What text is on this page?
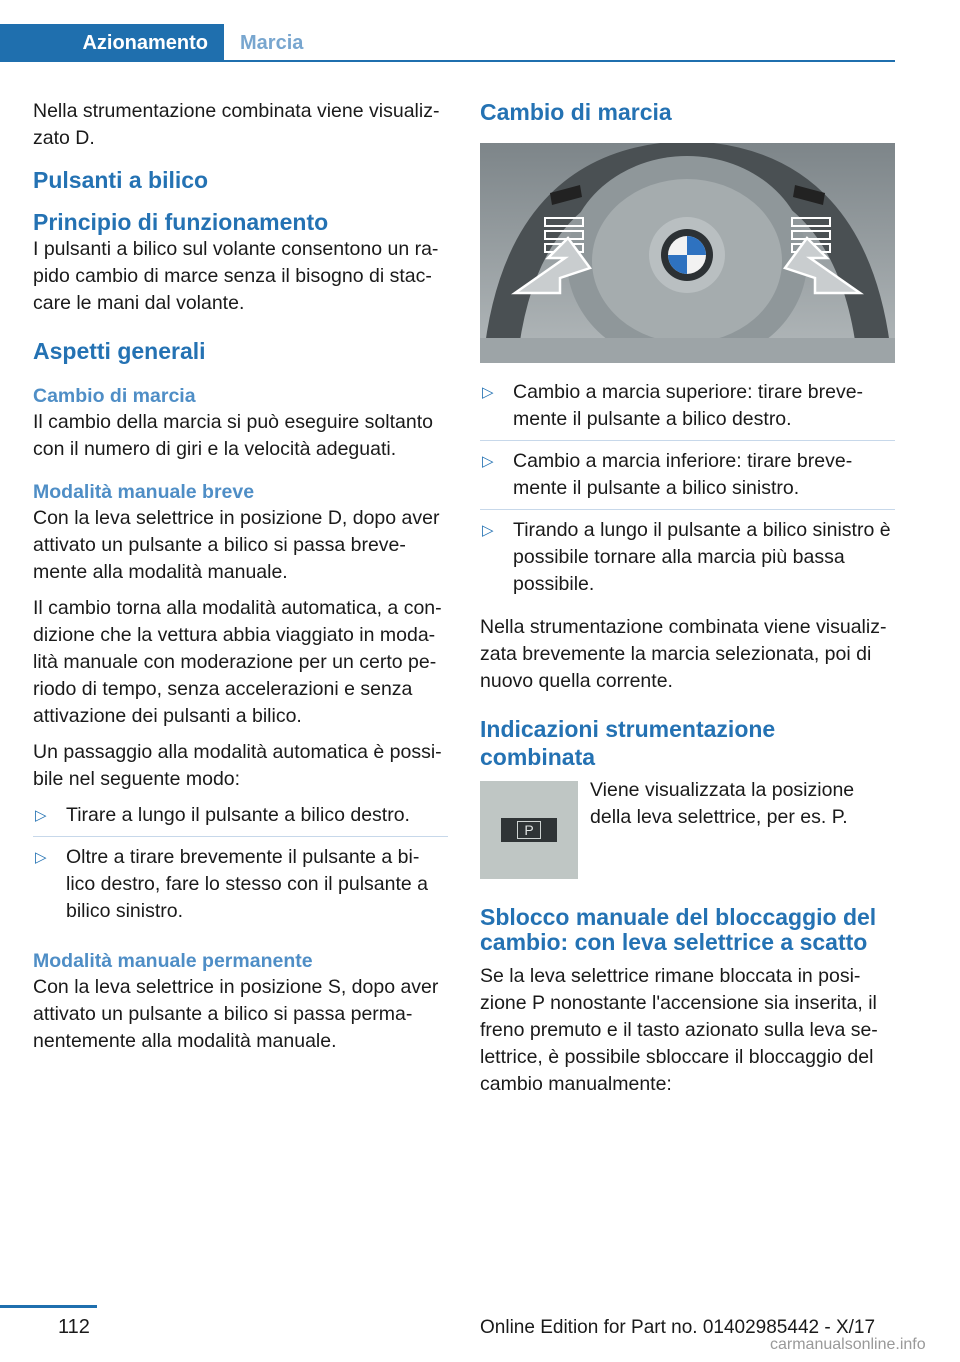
Azionamento	Marcia

Nella strumentazione combinata viene visualiz-zato D.

Pulsanti a bilico
Principio di funzionamento

I pulsanti a bilico sul volante consentono un ra-pido cambio di marce senza il bisogno di stac-care le mani dal volante.

Aspetti generali
Cambio di marcia

Il cambio della marcia si può eseguire soltanto con il numero di giri e la velocità adeguati.

Modalità manuale breve

Con la leva selettrice in posizione D, dopo aver attivato un pulsante a bilico si passa breve-mente alla modalità manuale.

Il cambio torna alla modalità automatica, a con-dizione che la vettura abbia viaggiato in moda-lità manuale con moderazione per un certo pe-riodo di tempo, senza accelerazioni e senza attivazione dei pulsanti a bilico.

Un passaggio alla modalità automatica è possi-bile nel seguente modo:

▷ Tirare a lungo il pulsante a bilico destro.
▷ Oltre a tirare brevemente il pulsante a bi-lico destro, fare lo stesso con il pulsante a bilico sinistro.
Modalità manuale permanente

Con la leva selettrice in posizione S, dopo aver attivato un pulsante a bilico si passa perma-nentemente alla modalità manuale.

Cambio di marcia
▷ Cambio a marcia superiore: tirare breve-mente il pulsante a bilico destro.
▷ Cambio a marcia inferiore: tirare breve-mente il pulsante a bilico sinistro.
▷ Tirando a lungo il pulsante a bilico sinistro è possibile tornare alla marcia più bassa possibile.

Nella strumentazione combinata viene visualiz-zata brevemente la marcia selezionata, poi di nuovo quella corrente.

Indicazioni strumentazione combinata
P

Viene visualizzata la posizione della leva selettrice, per es. P.

Sblocco manuale del bloccaggio del cambio: con leva selettrice a scatto

Se la leva selettrice rimane bloccata in posi-zione P nonostante l'accensione sia inserita, il freno premuto e il tasto azionato sulla leva se-lettrice, è possibile sbloccare il bloccaggio del cambio manualmente:

112	Online Edition for Part no. 01402985442 - X/17
carmanualsonline.info
